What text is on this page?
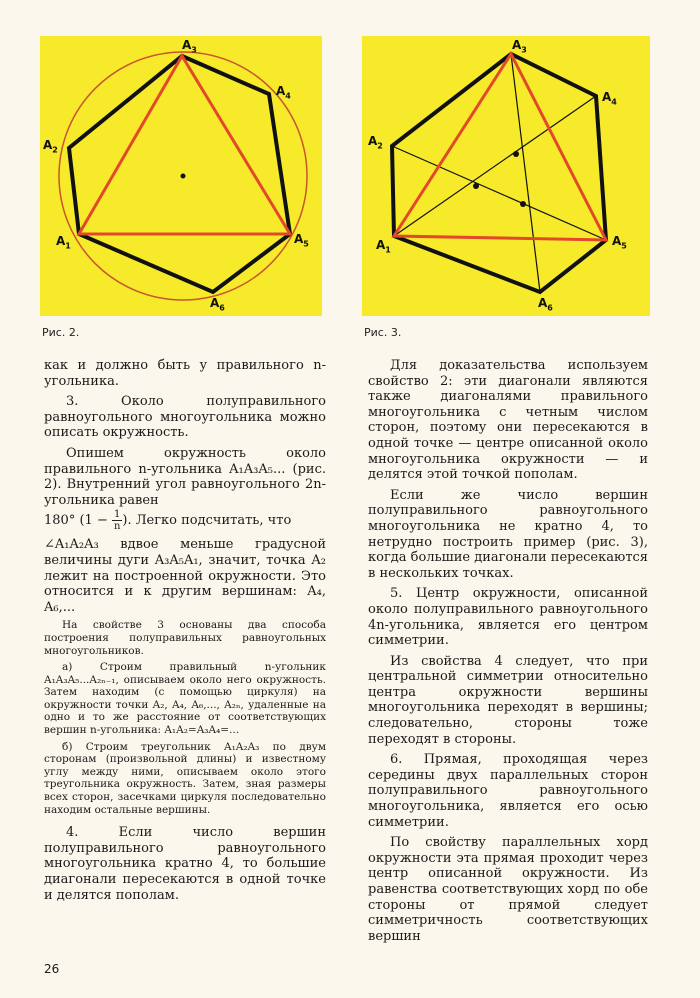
$A_3$
$A_4$
$A_2$
$A_1$	$A_5$
$A_6$
Рис. 2.
$A_3$
$A_4$
$A_2$
$A_1$
$A_5$
$A_6$
Рис. 3.

как и должно быть у правильного n-угольника.

3. Около полуправильного равноугольного многоугольника можно описать окружность.

Опишем окружность около правильного n-угольника A₁A₃A₅... (рис. 2). Внутренний угол равноугольного 2n-угольника равен

180° ($1 - \frac{1}{n}$ ). Легко подсчитать, что

∠A₁A₂A₃ вдвое меньше градусной величины дуги A₃A₅A₁, значит, точка A₂ лежит на построенной окружности. Это относится и к другим вершинам: A₄, A₆,...

На свойстве 3 основаны два способа построения полуправильных равноугольных многоугольников.

а) Строим правильный n-угольник A₁A₃A₅...A₂ₙ₋₁, описываем около него окружность. Затем находим (с помощью циркуля) на окружности точки A₂, A₄, A₆,..., A₂ₙ, удаленные на одно и то же расстояние от соответствующих вершин n-угольника: A₁A₂=A₃A₄=...

б) Строим треугольник A₁A₂A₃ по двум сторонам (произвольной длины) и известному углу между ними, описываем около этого треугольника окружность. Затем, зная размеры всех сторон, засечками циркуля последовательно находим остальные вершины.

4. Если число вершин полуправильного равноугольного многоугольника кратно 4, то большие диагонали пересекаются в одной точке и делятся пополам.

Для доказательства используем свойство 2: эти диагонали являются также диагоналями правильного многоугольника с четным числом сторон, поэтому они пересекаются в одной точке — центре описанной около многоугольника окружности — и делятся этой точкой пополам.

Если же число вершин полуправильного равноугольного многоугольника не кратно 4, то нетрудно построить пример (рис. 3), когда большие диагонали пересекаются в нескольких точках.

5. Центр окружности, описанной около полуправильного равноугольного 4n-угольника, является его центром симметрии.

Из свойства 4 следует, что при центральной симметрии относительно центра окружности вершины многоугольника переходят в вершины; следовательно, стороны тоже переходят в стороны.

6. Прямая, проходящая через середины двух параллельных сторон полуправильного равноугольного многоугольника, является его осью симметрии.

По свойству параллельных хорд окружности эта прямая проходит через центр описанной окружности. Из равенства соответствующих хорд по обе стороны от прямой следует симметричность соответствующих вершин

26
